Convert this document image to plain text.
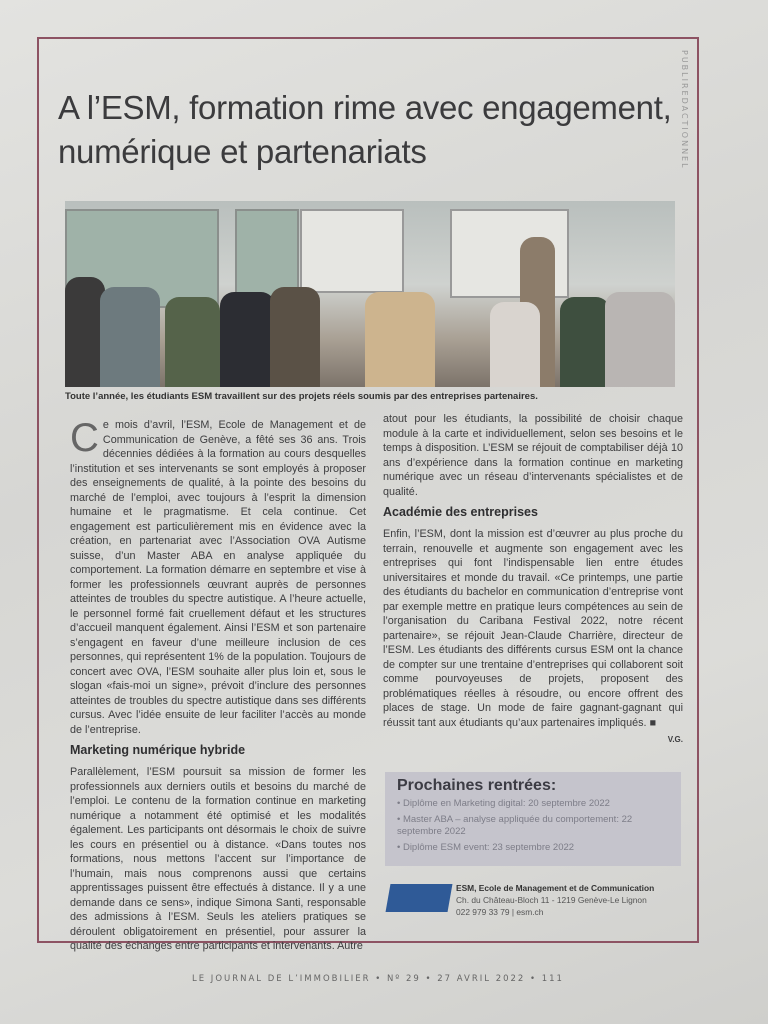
PUBLIREDACTIONNEL
A l’ESM, formation rime avec engagement, numérique et partenariats
Toute l’année, les étudiants ESM travaillent sur des projets réels soumis par des entreprises partenaires.

Ce mois d’avril, l’ESM, Ecole de Management et de Communication de Genève, a fêté ses 36 ans. Trois décennies dédiées à la formation au cours desquelles l’institution et ses intervenants se sont employés à proposer des enseignements de qualité, à la pointe des besoins du marché de l’emploi, avec toujours à l’esprit la dimension humaine et le pragmatisme. Et cela continue. Cet engagement est particulièrement mis en évidence avec la création, en partenariat avec l’Association OVA Autisme suisse, d’un Master ABA en analyse appliquée du comportement. La formation démarre en septembre et vise à former les professionnels œuvrant auprès de personnes atteintes de troubles du spectre autistique. A l’heure actuelle, le personnel formé fait cruellement défaut et les structures d’accueil manquent également. Ainsi l’ESM et son partenaire s’engagent en faveur d’une meilleure inclusion de ces personnes, qui représentent 1% de la population. Toujours de concert avec OVA, l’ESM souhaite aller plus loin et, sous le slogan «fais-moi un signe», prévoit d’inclure des personnes atteintes de troubles du spectre autistique dans ses différents cursus. Avec l’idée ensuite de leur faciliter l’accès au monde de l’entreprise.

Marketing numérique hybride

Parallèlement, l’ESM poursuit sa mission de former les professionnels aux derniers outils et besoins du marché de l’emploi. Le contenu de la formation continue en marketing numérique a notamment été optimisé et les modalités également. Les participants ont désormais le choix de suivre les cours en présentiel ou à distance. «Dans toutes nos formations, nous mettons l’accent sur l’importance de l’humain, mais nous comprenons aussi que certains apprentissages puissent être effectués à distance. Il y a une demande dans ce sens», indique Simona Santi, responsable des admissions à l’ESM. Seuls les ateliers pratiques se déroulent obligatoirement en présentiel, pour assurer la qualité des échanges entre participants et intervenants. Autre

atout pour les étudiants, la possibilité de choisir chaque module à la carte et individuellement, selon ses besoins et le temps à disposition. L’ESM se réjouit de comptabiliser déjà 10 ans d’expérience dans la formation continue en marketing numérique avec un réseau d’intervenants spécialistes et de qualité.

Académie des entreprises

Enfin, l’ESM, dont la mission est d’œuvrer au plus proche du terrain, renouvelle et augmente son engagement avec les entreprises qui font l’indispensable lien entre études universitaires et monde du travail. «Ce printemps, une partie des étudiants du bachelor en communication d’entreprise vont par exemple mettre en pratique leurs compétences au sein de l’organisation du Caribana Festival 2022, notre récent partenaire», se réjouit Jean-Claude Charrière, directeur de l’ESM. Les étudiants des différents cursus ESM ont la chance de compter sur une trentaine d’entreprises qui collaborent soit comme pourvoyeuses de projets, proposent des problématiques réelles à résoudre, ou encore offrent des places de stage. Un mode de faire gagnant-gagnant qui réussit tant aux étudiants qu’aux partenaires impliqués. ■

V.G.
Prochaines rentrées:
• Diplôme en Marketing digital: 20 septembre 2022
• Master ABA – analyse appliquée du comportement: 22 septembre 2022
• Diplôme ESM event: 23 septembre 2022
ESM, Ecole de Management et de Communication
Ch. du Château-Bloch 11 - 1219 Genève-Le Lignon
022 979 33 79 | esm.ch
LE JOURNAL DE L’IMMOBILIER • Nº 29 • 27 AVRIL 2022 • 111
